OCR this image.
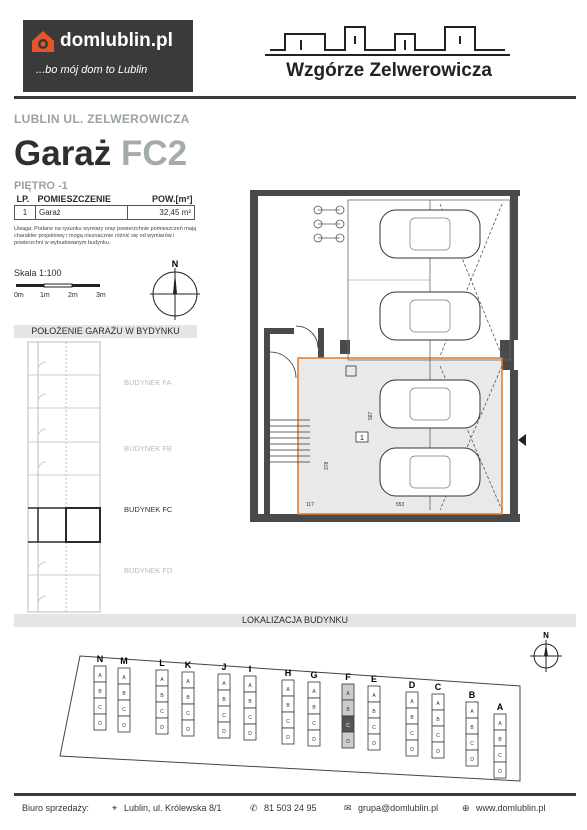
domlublin.pl
...bo mój dom to Lublin	Wzgórze Zelwerowicza
LUBLIN UL. ZELWEROWICZA
Garaż FC2
PIĘTRO -1
LP.	POMIESZCZENIE	POW.[m²]
1	Garaż	32,45 m²
Uwaga: Podane na rysunku wymiary oraz powierzchnie pomieszczeń mają charakter projektowy i mogą nieznacznie różnić się od wymiarów i powierzchni w wybudowanym budynku.
Skala 1:100
0m 1m	2m	3m
N
POŁOŻENIE GARAŻU W BYDYNKU
BUDYNEK FA
BUDYNEK FB
BUDYNEK FC
BUDYNEK FD
1
117	553
378
587
LOKALIZACJA BUDYNKU
N
N
A
B
C
D
M
A
B
C
D
L
A
B
C
D
K
A
B
C
D
J
A
B
C
D
I
A
B
C
D
H
A
B
C
D
G
A
B
C
D
F
A
B
C
D
E
A
B
C
D
D
A
B
C
D
C
A
B
C
D
B
A
B
C
D
A
A
B
C
D
Biuro sprzedaży:	⌖ Lublin, ul. Królewska 8/1	✆ 81 503 24 95	✉ grupa@domlublin.pl	⊕ www.domlublin.pl
